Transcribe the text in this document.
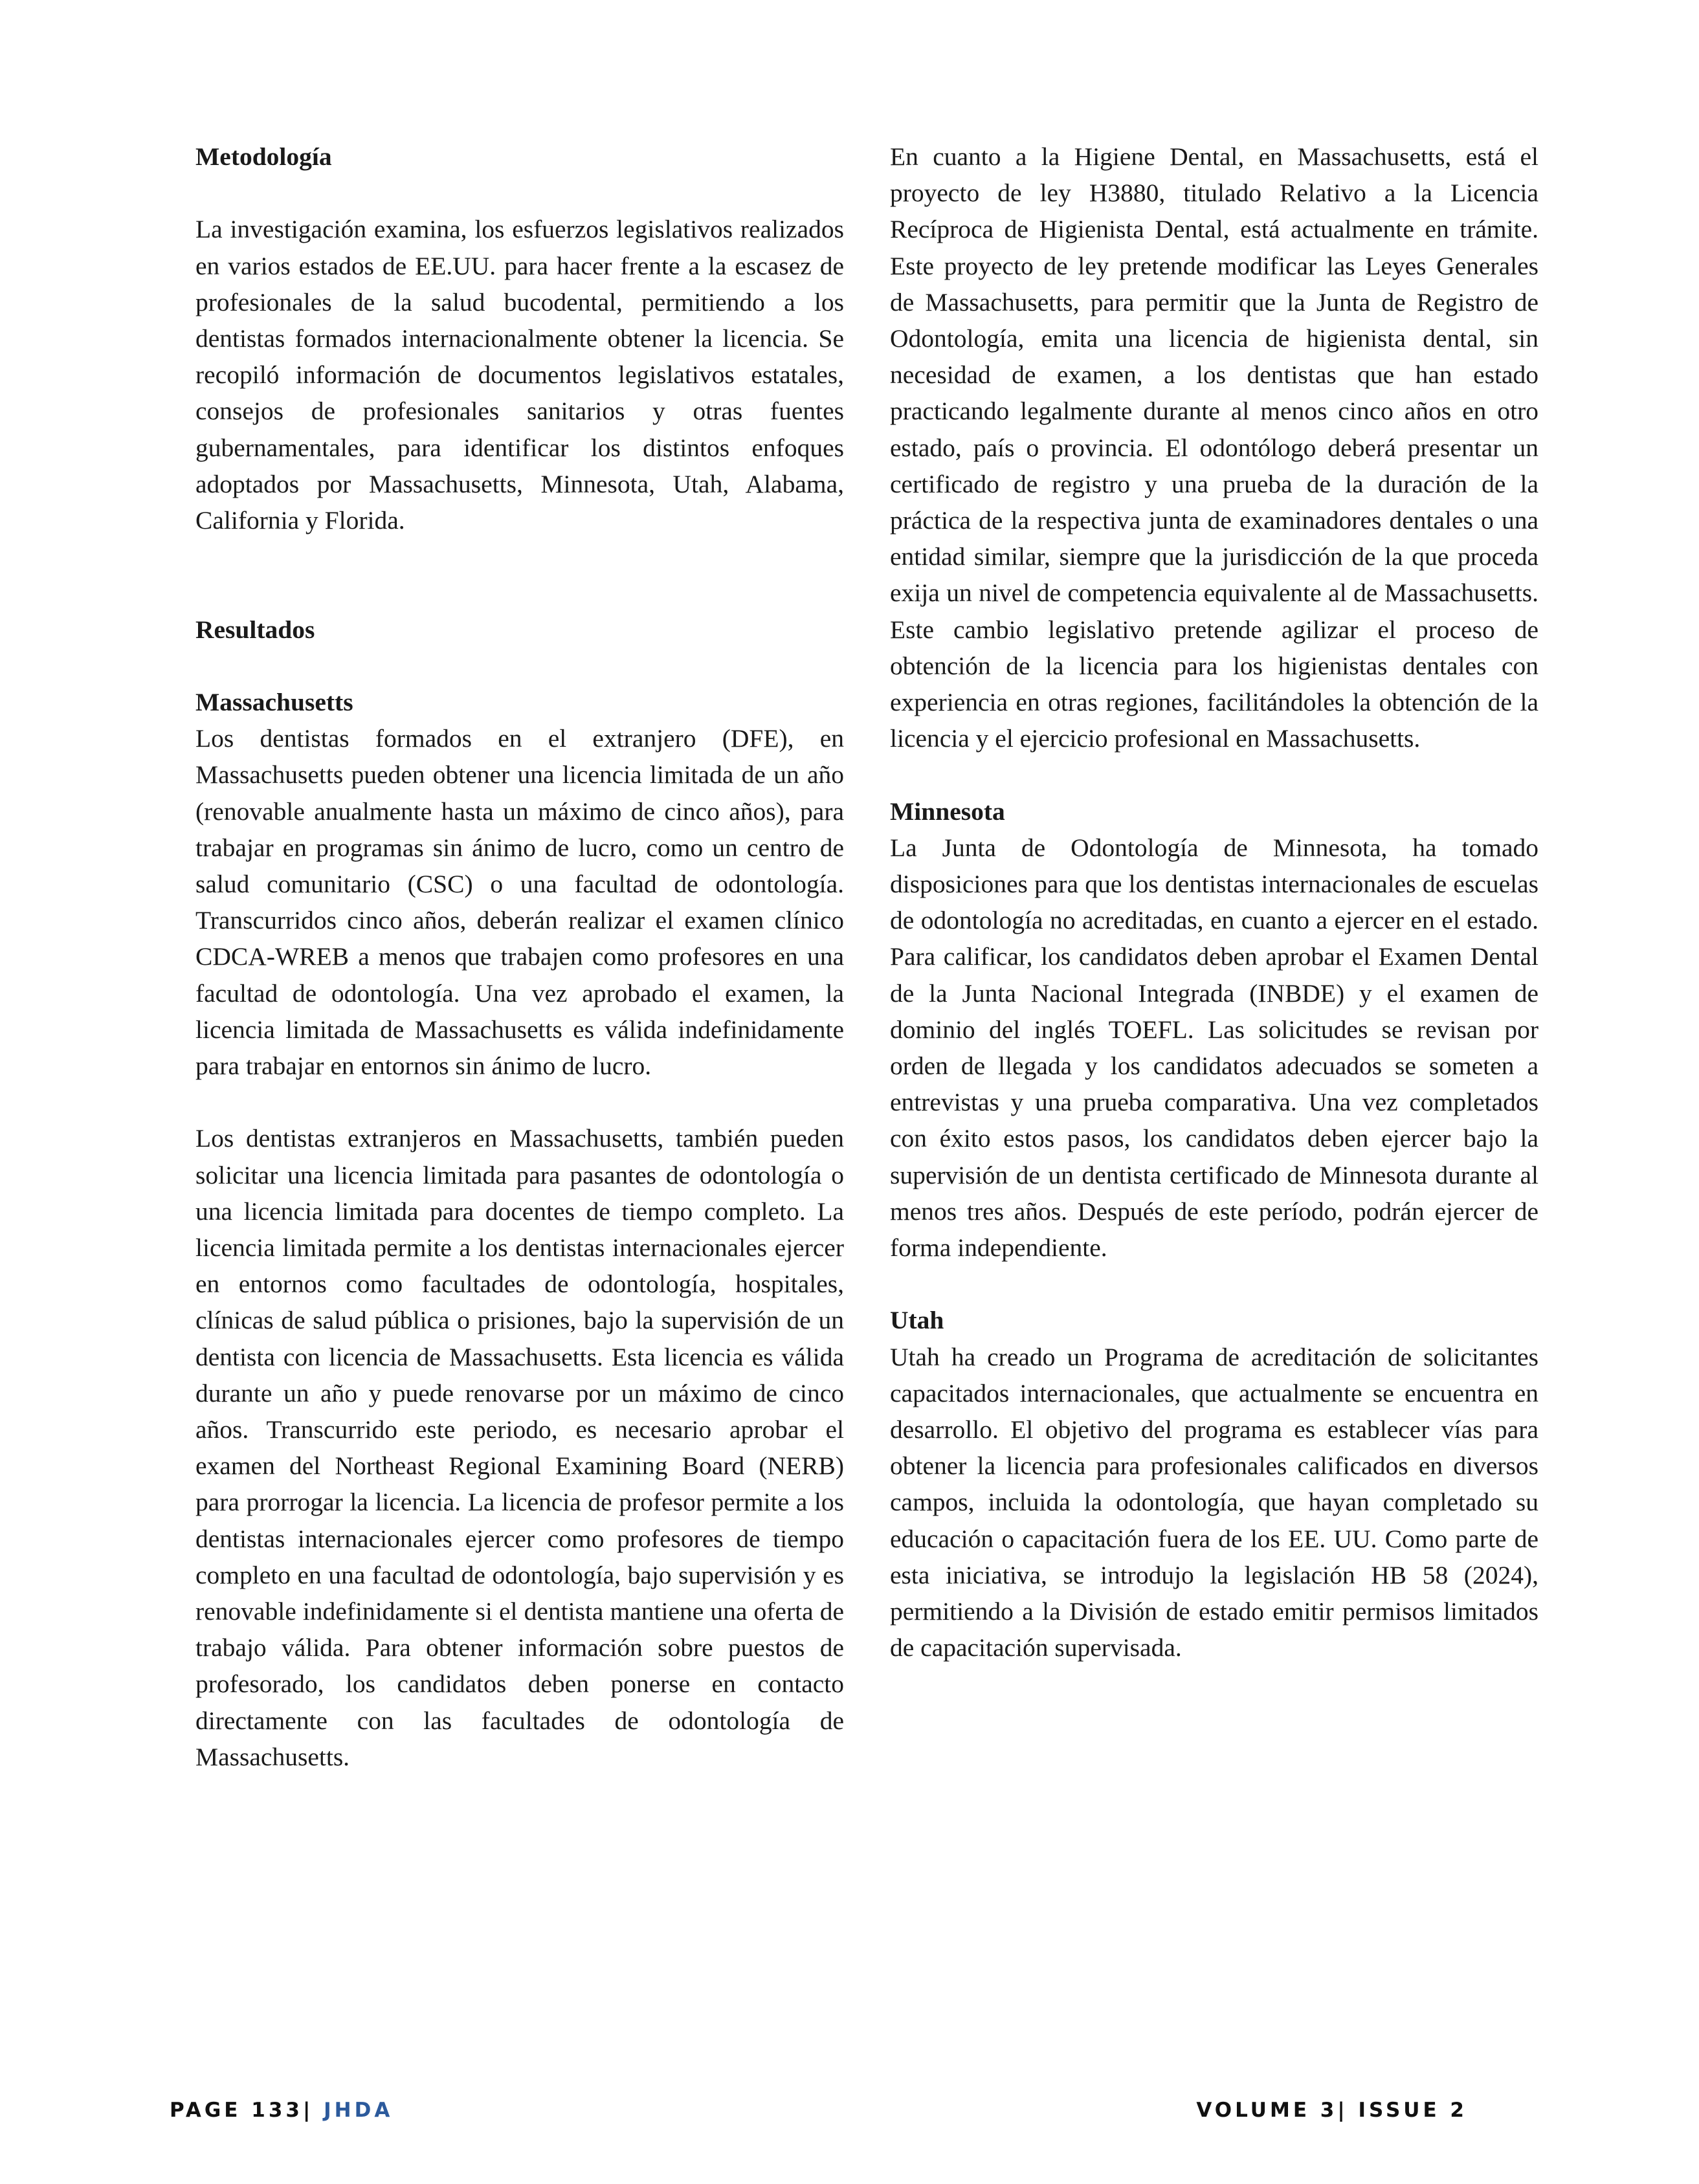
Metodología

La investigación examina, los esfuerzos legislativos realizados en varios estados de EE.UU. para hacer frente a la escasez de profesionales de la salud bucodental, permitiendo a los dentistas formados internacionalmente obtener la licencia. Se recopiló información de documentos legislativos estatales, consejos de profesionales sanitarios y otras fuentes gubernamentales, para identificar los distintos enfoques adoptados por Massachusetts, Minnesota, Utah, Alabama, California y Florida.

Resultados

Massachusetts

Los dentistas formados en el extranjero (DFE), en Massachusetts pueden obtener una licencia limitada de un año (renovable anualmente hasta un máximo de cinco años), para trabajar en programas sin ánimo de lucro, como un centro de salud comunitario (CSC) o una facultad de odontología. Transcurridos cinco años, deberán realizar el examen clínico CDCA-WREB a menos que trabajen como profesores en una facultad de odontología. Una vez aprobado el examen, la licencia limitada de Massachusetts es válida indefinidamente para trabajar en entornos sin ánimo de lucro.

Los dentistas extranjeros en Massachusetts, también pueden solicitar una licencia limitada para pasantes de odontología o una licencia limitada para docentes de tiempo completo. La licencia limitada permite a los dentistas internacionales ejercer en entornos como facultades de odontología, hospitales, clínicas de salud pública o prisiones, bajo la supervisión de un dentista con licencia de Massachusetts. Esta licencia es válida durante un año y puede renovarse por un máximo de cinco años. Transcurrido este periodo, es necesario aprobar el examen del Northeast Regional Examining Board (NERB) para prorrogar la licencia. La licencia de profesor permite a los dentistas internacionales ejercer como profesores de tiempo completo en una facultad de odontología, bajo supervisión y es renovable indefinidamente si el dentista mantiene una oferta de trabajo válida. Para obtener información sobre puestos de profesorado, los candidatos deben ponerse en contacto directamente con las facultades de odontología de Massachusetts.

En cuanto a la Higiene Dental, en Massachusetts, está el proyecto de ley H3880, titulado Relativo a la Licencia Recíproca de Higienista Dental, está actualmente en trámite. Este proyecto de ley pretende modificar las Leyes Generales de Massachusetts, para permitir que la Junta de Registro de Odontología, emita una licencia de higienista dental, sin necesidad de examen, a los dentistas que han estado practicando legalmente durante al menos cinco años en otro estado, país o provincia. El odontólogo deberá presentar un certificado de registro y una prueba de la duración de la práctica de la respectiva junta de examinadores dentales o una entidad similar, siempre que la jurisdicción de la que proceda exija un nivel de competencia equivalente al de Massachusetts. Este cambio legislativo pretende agilizar el proceso de obtención de la licencia para los higienistas dentales con experiencia en otras regiones, facilitándoles la obtención de la licencia y el ejercicio profesional en Massachusetts.

Minnesota

La Junta de Odontología de Minnesota, ha tomado disposiciones para que los dentistas internacionales de escuelas de odontología no acreditadas, en cuanto a ejercer en el estado. Para calificar, los candidatos deben aprobar el Examen Dental de la Junta Nacional Integrada (INBDE) y el examen de dominio del inglés TOEFL. Las solicitudes se revisan por orden de llegada y los candidatos adecuados se someten a entrevistas y una prueba comparativa. Una vez completados con éxito estos pasos, los candidatos deben ejercer bajo la supervisión de un dentista certificado de Minnesota durante al menos tres años. Después de este período, podrán ejercer de forma independiente.

Utah

Utah ha creado un Programa de acreditación de solicitantes capacitados internacionales, que actualmente se encuentra en desarrollo. El objetivo del programa es establecer vías para obtener la licencia para profesionales calificados en diversos campos, incluida la odontología, que hayan completado su educación o capacitación fuera de los EE. UU. Como parte de esta iniciativa, se introdujo la legislación HB 58 (2024), permitiendo a la División de estado emitir permisos limitados de capacitación supervisada.

PAGE 133| JHDA	VOLUME 3| ISSUE 2
